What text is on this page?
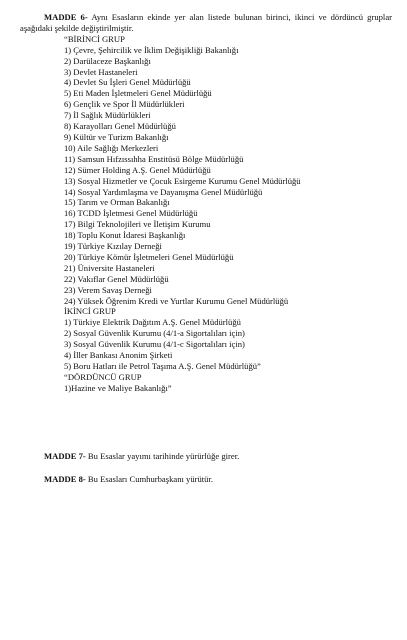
MADDE 6- Aynı Esasların ekinde yer alan listede bulunan birinci, ikinci ve dördüncü gruplar aşağıdaki şekilde değiştirilmiştir.

“BİRİNCİ GRUP
1) Çevre, Şehircilik ve İklim Değişikliği Bakanlığı
2) Darülaceze Başkanlığı
3) Devlet Hastaneleri
4) Devlet Su İşleri Genel Müdürlüğü
5) Eti Maden İşletmeleri Genel Müdürlüğü
6) Gençlik ve Spor İl Müdürlükleri
7) İl Sağlık Müdürlükleri
8) Karayolları Genel Müdürlüğü
9) Kültür ve Turizm Bakanlığı
10) Aile Sağlığı Merkezleri
11) Samsun Hıfzıssıhha Enstitüsü Bölge Müdürlüğü
12) Sümer Holding A.Ş. Genel Müdürlüğü
13) Sosyal Hizmetler ve Çocuk Esirgeme Kurumu Genel Müdürlüğü
14) Sosyal Yardımlaşma ve Dayanışma Genel Müdürlüğü
15) Tarım ve Orman Bakanlığı
16) TCDD İşletmesi Genel Müdürlüğü
17) Bilgi Teknolojileri ve İletişim Kurumu
18) Toplu Konut İdaresi Başkanlığı
19) Türkiye Kızılay Derneği
20) Türkiye Kömür İşletmeleri Genel Müdürlüğü
21) Üniversite Hastaneleri
22) Vakıflar Genel Müdürlüğü
23) Verem Savaş Derneği
24) Yüksek Öğrenim Kredi ve Yurtlar Kurumu Genel Müdürlüğü
İKİNCİ GRUP
1) Türkiye Elektrik Dağıtım A.Ş. Genel Müdürlüğü
2) Sosyal Güvenlik Kurumu (4/1-a Sigortalıları için)
3) Sosyal Güvenlik Kurumu (4/1-c Sigortalıları için)
4) İller Bankası Anonim Şirketi
5) Boru Hatları ile Petrol Taşıma A.Ş. Genel Müdürlüğü”
“DÖRDÜNCÜ GRUP
1)Hazine ve Maliye Bakanlığı”
MADDE 7- Bu Esaslar yayımı tarihinde yürürlüğe girer.
MADDE 8- Bu Esasları Cumhurbaşkanı yürütür.
